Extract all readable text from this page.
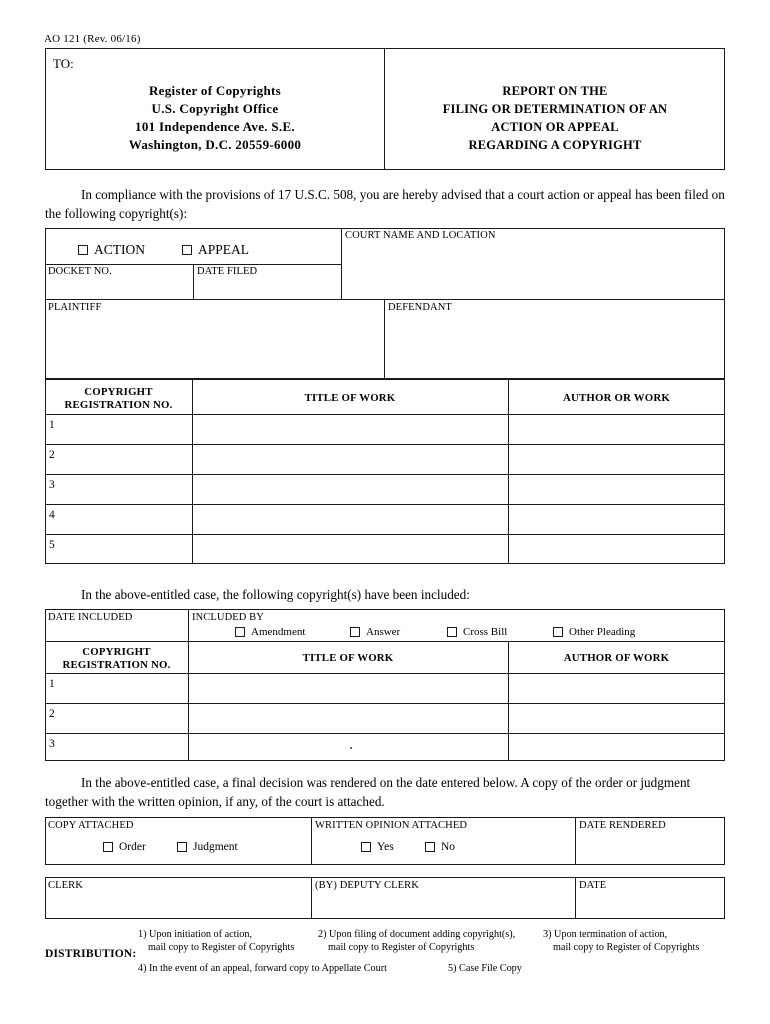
AO 121 (Rev. 06/16)
TO:
Register of Copyrights
U.S. Copyright Office
101 Independence Ave. S.E.
Washington, D.C. 20559-6000
REPORT ON THE
FILING OR DETERMINATION OF AN
ACTION OR APPEAL
REGARDING A COPYRIGHT
In compliance with the provisions of 17 U.S.C. 508, you are hereby advised that a court action or appeal has been filed on the following copyright(s):
ACTION	APPEAL
DOCKET NO.	DATE FILED
COURT NAME AND LOCATION
PLAINTIFF	DEFENDANT
COPYRIGHT
REGISTRATION NO.
TITLE OF WORK	AUTHOR OR WORK
1
2
3
4
5
In the above-entitled case, the following copyright(s) have been included:
DATE INCLUDED	INCLUDED BY
Amendment	Answer	Cross Bill	Other Pleading
COPYRIGHT
REGISTRATION NO.
TITLE OF WORK	AUTHOR OF WORK
1
2
3
In the above-entitled case, a final decision was rendered on the date entered below. A copy of the order or judgment together with the written opinion, if any, of the court is attached.
COPY ATTACHED	WRITTEN OPINION ATTACHED	DATE RENDERED
Order	Judgment	Yes	No
CLERK	(BY) DEPUTY CLERK	DATE
DISTRIBUTION:
1) Upon initiation of action,
mail copy to Register of Copyrights
2) Upon filing of document adding copyright(s),
mail copy to Register of Copyrights
3) Upon termination of action,
mail copy to Register of Copyrights
4) In the event of an appeal, forward copy to Appellate Court	5) Case File Copy
